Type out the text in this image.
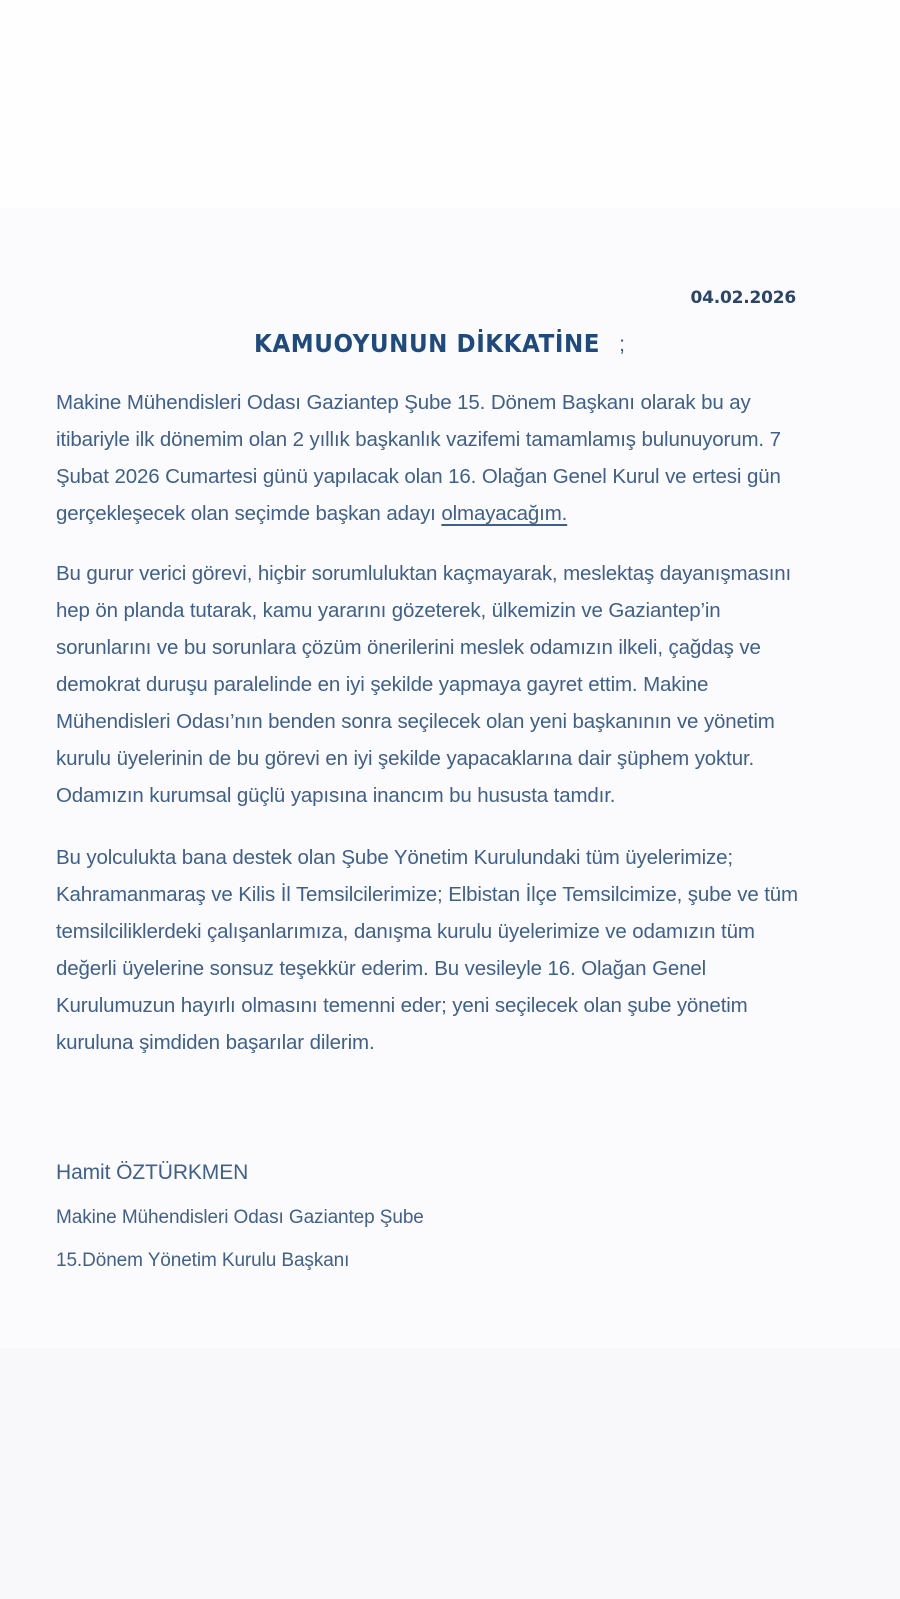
04.02.2026
KAMUOYUNUN DİKKATİNE ;

Makine Mühendisleri Odası Gaziantep Şube 15. Dönem Başkanı olarak bu ay itibariyle ilk dönemim olan 2 yıllık başkanlık vazifemi tamamlamış bulunuyorum. 7 Şubat 2026 Cumartesi günü yapılacak olan 16. Olağan Genel Kurul ve ertesi gün gerçekleşecek olan seçimde başkan adayı olmayacağım.

Bu gurur verici görevi, hiçbir sorumluluktan kaçmayarak, meslektaş dayanışmasını hep ön planda tutarak, kamu yararını gözeterek, ülkemizin ve Gaziantep’in sorunlarını ve bu sorunlara çözüm önerilerini meslek odamızın ilkeli, çağdaş ve demokrat duruşu paralelinde en iyi şekilde yapmaya gayret ettim. Makine Mühendisleri Odası’nın benden sonra seçilecek olan yeni başkanının ve yönetim kurulu üyelerinin de bu görevi en iyi şekilde yapacaklarına dair şüphem yoktur. Odamızın kurumsal güçlü yapısına inancım bu hususta tamdır.

Bu yolculukta bana destek olan Şube Yönetim Kurulundaki tüm üyelerimize; Kahramanmaraş ve Kilis İl Temsilcilerimize; Elbistan İlçe Temsilcimize, şube ve tüm temsilciliklerdeki çalışanlarımıza, danışma kurulu üyelerimize ve odamızın tüm değerli üyelerine sonsuz teşekkür ederim. Bu vesileyle 16. Olağan Genel Kurulumuzun hayırlı olmasını temenni eder; yeni seçilecek olan şube yönetim kuruluna şimdiden başarılar dilerim.

Hamit ÖZTÜRKMEN
Makine Mühendisleri Odası Gaziantep Şube
15.Dönem Yönetim Kurulu Başkanı
